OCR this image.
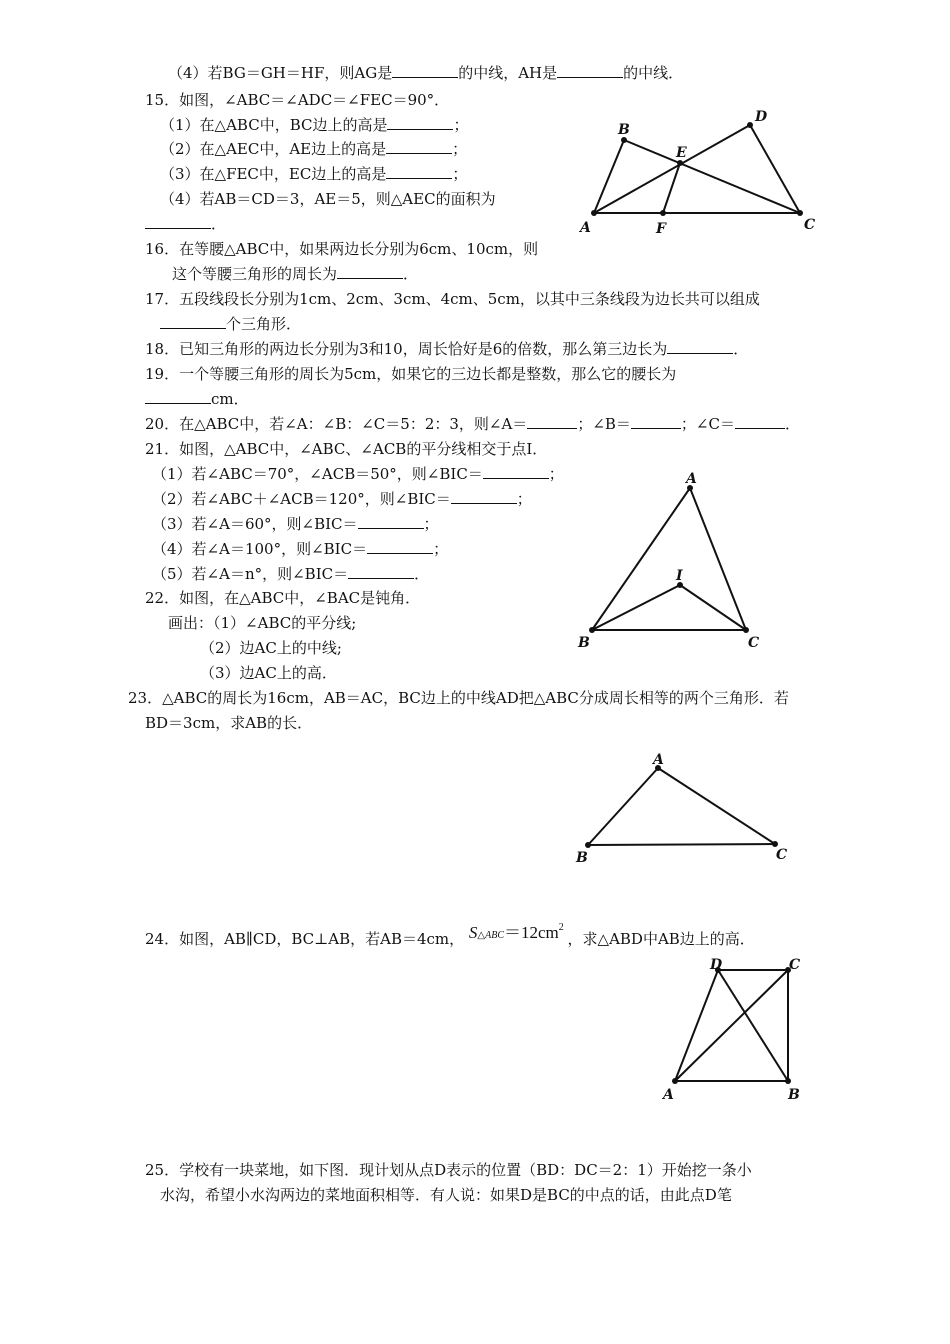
（4）若BG＝GH＝HF，则AG是	的中线，AH是	的中线．
15．如图，∠ABC＝∠ADC＝∠FEC＝90°．
（1）在△ABC中，BC边上的高是	；
（2）在△AEC中，AE边上的高是	；
（3）在△FEC中，EC边上的高是	；
（4）若AB＝CD＝3，AE＝5，则△AEC的面积为
．	A
B
C
D
E
F
16．在等腰△ABC中，如果两边长分别为6cm、10cm，则
这个等腰三角形的周长为	．
17．五段线段长分别为1cm、2cm、3cm、4cm、5cm，以其中三条线段为边长共可以组成
个三角形．
18．已知三角形的两边长分别为3和10，周长恰好是6的倍数，那么第三边长为	．
19．一个等腰三角形的周长为5cm，如果它的三边长都是整数，那么它的腰长为
cm．
20．在△ABC中，若∠A：∠B：∠C＝5：2：3，则∠A＝	；∠B＝	；∠C＝	．
21．如图，△ABC中，∠ABC、∠ACB的平分线相交于点I．
（1）若∠ABC＝70°，∠ACB＝50°，则∠BIC＝	；
（2）若∠ABC＋∠ACB＝120°，则∠BIC＝	；
（3）若∠A＝60°，则∠BIC＝	；
（4）若∠A＝100°，则∠BIC＝	；
（5）若∠A＝n°，则∠BIC＝	．
A
B	C
I
22．如图，在△ABC中，∠BAC是钝角．
画出：（1）∠ABC的平分线;
（2）边AC上的中线;
（3）边AC上的高．
23．△ABC的周长为16cm，AB＝AC，BC边上的中线AD把△ABC分成周长相等的两个三角形．若
BD＝3cm，求AB的长．
A
B	C
24．如图，AB∥CD，BC⊥AB，若AB＝4cm， $S\triangle ABC=12cm^2$ ，求△ABD中AB边上的高．
A	B
C
D
25．学校有一块菜地，如下图．现计划从点D表示的位置（BD：DC＝2：1）开始挖一条小
水沟，希望小水沟两边的菜地面积相等．有人说：如果D是BC的中点的话，由此点D笔
